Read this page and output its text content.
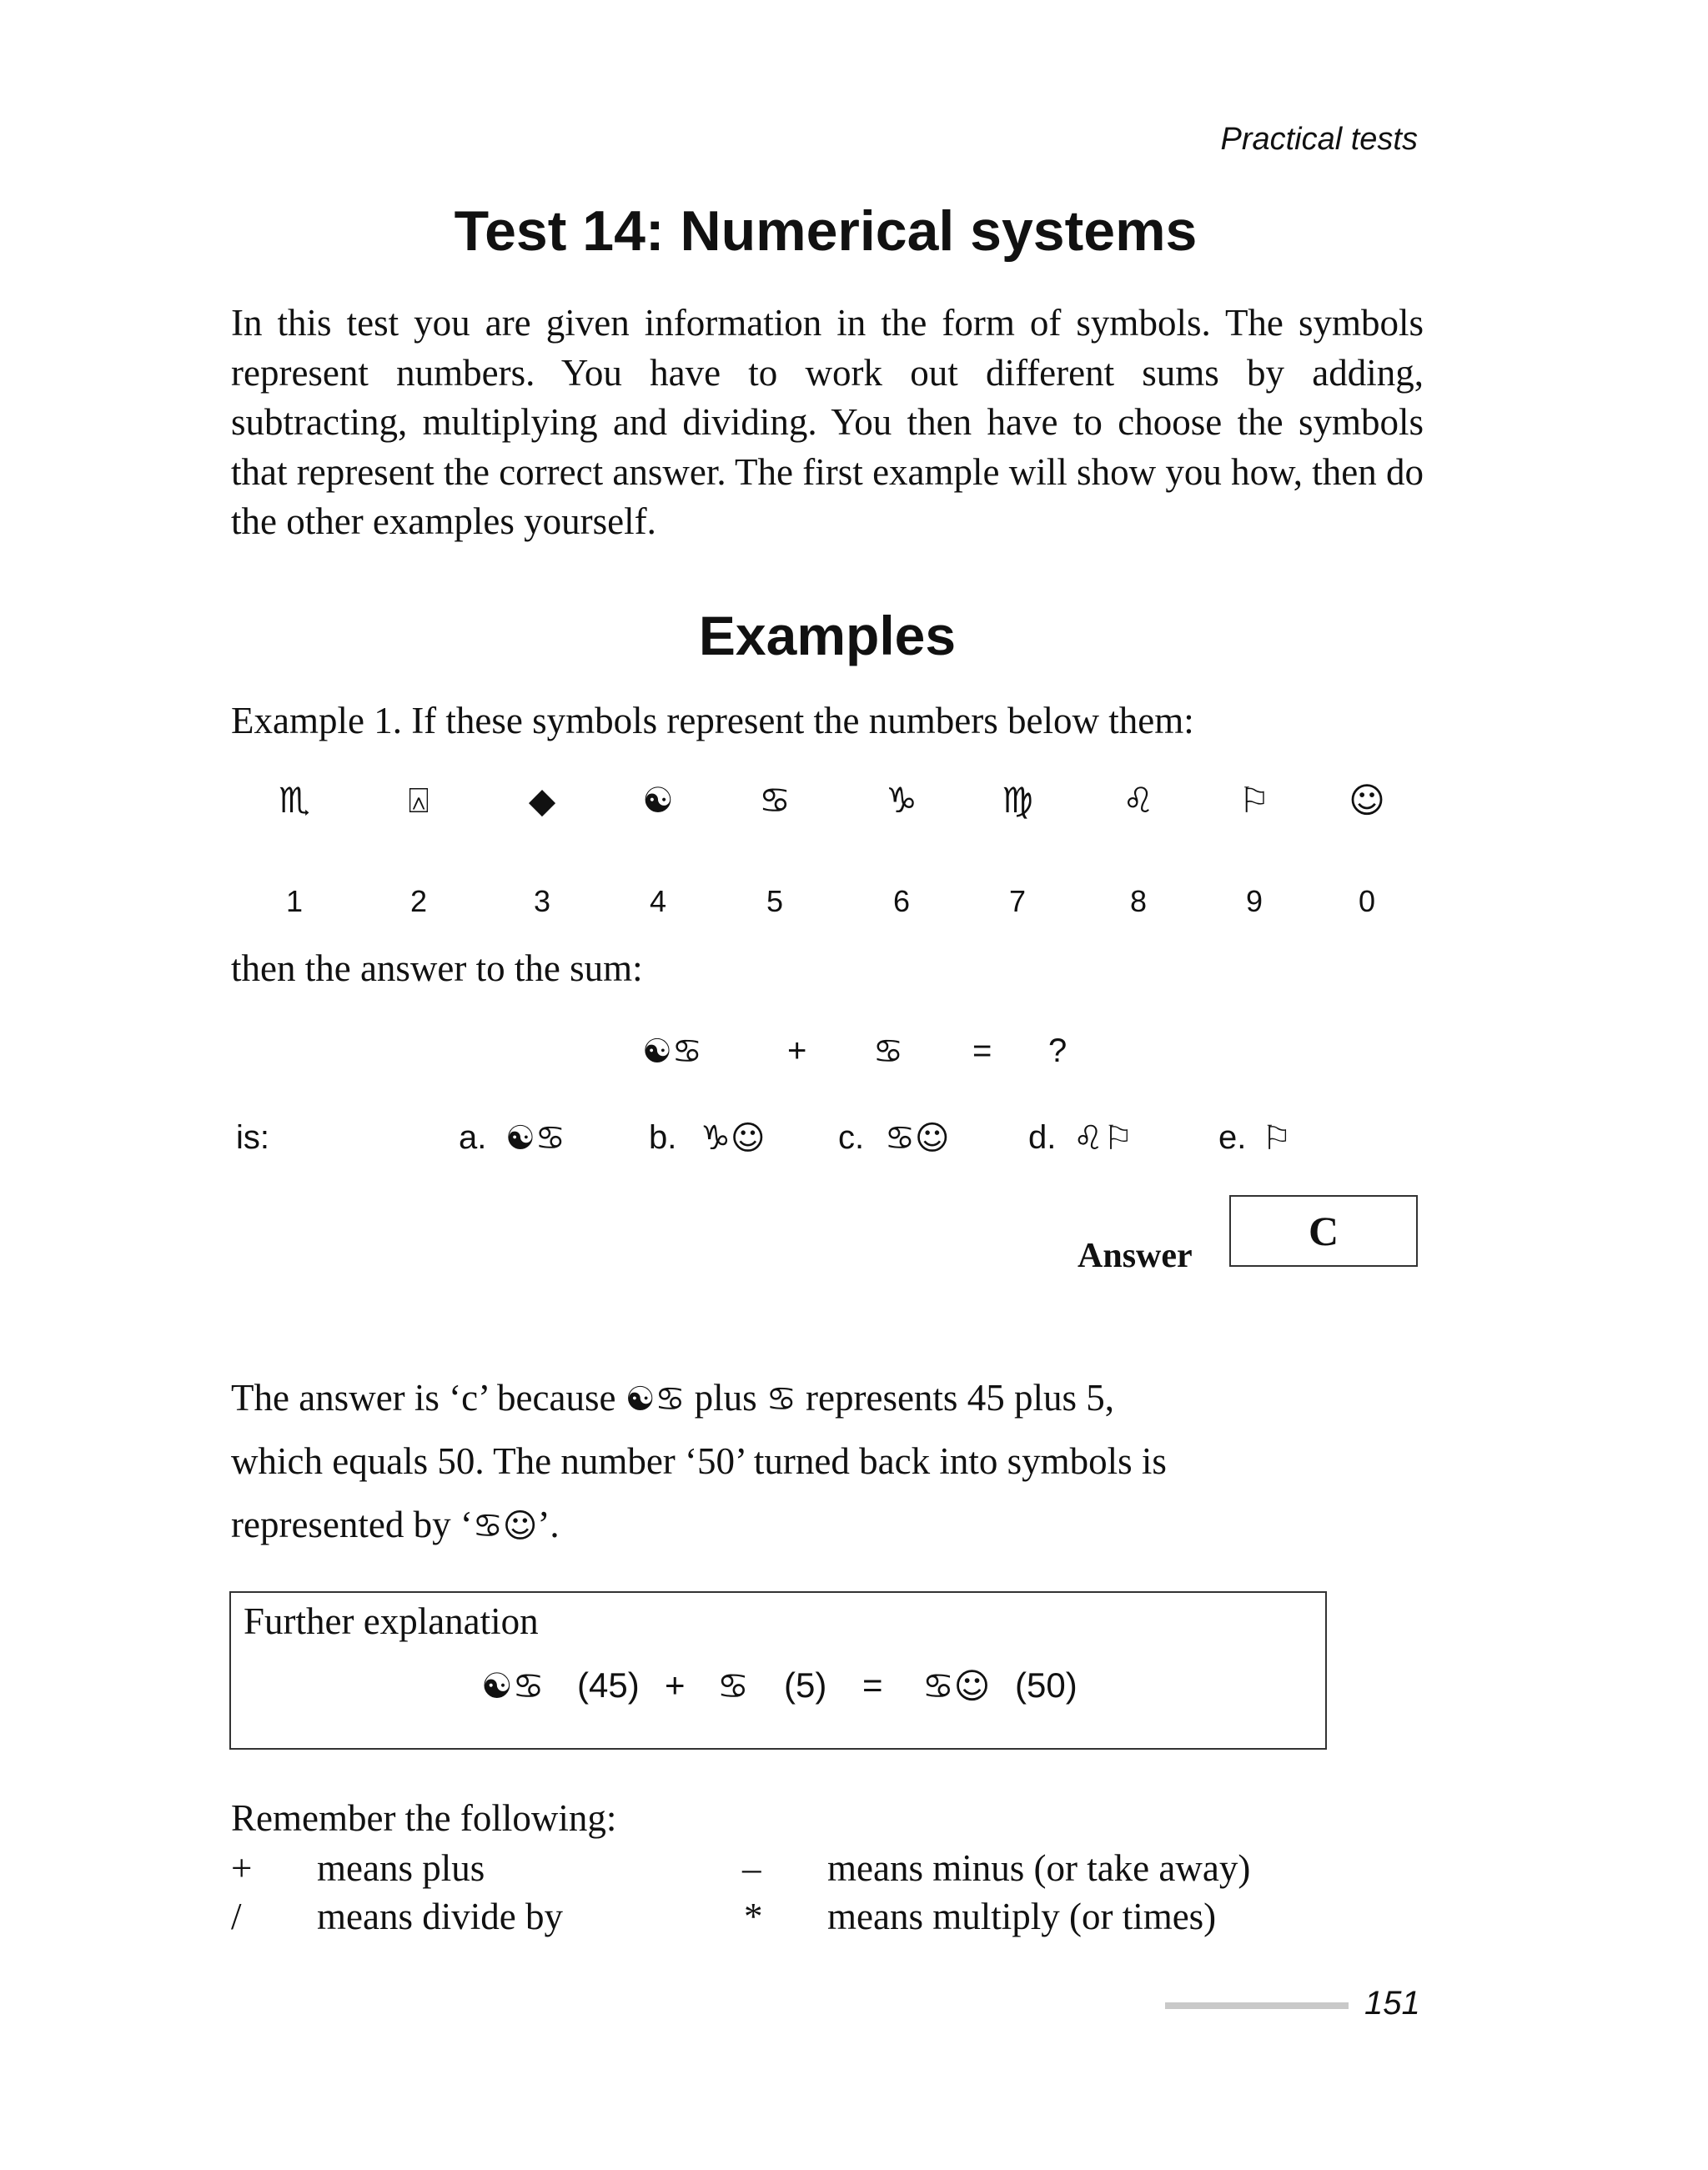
Practical tests
Test 14: Numerical systems
In this test you are given information in the form of symbols. The symbols represent numbers. You have to work out different sums by adding, subtracting, multiplying and dividing. You then have to choose the symbols that represent the correct answer. The first example will show you how, then do the other examples yourself.
Examples
Example 1. If these symbols represent the numbers below them:
♏	⍓	◆	☯	♋	♑	♍	♌	⚐	☺
1	2	3	4	5	6	7	8	9	0
then the answer to the sum:
☯♋	+ ♋ = ?
is:	a. ☯♋	b. ♑☺ c. ♋☺ d. ♌⚐	e. ⚐
Answer
C
The answer is ‘c’ because ☯♋ plus ♋ represents 45 plus 5,
which equals 50. The number ‘50’ turned back into symbols is
represented by ‘♋☺’.
Further explanation
☯♋ (45) + ♋ (5) = ♋☺ (50)
Remember the following:
+ means plus	– means minus (or take away)
/ means divide by	* means multiply (or times)
151
